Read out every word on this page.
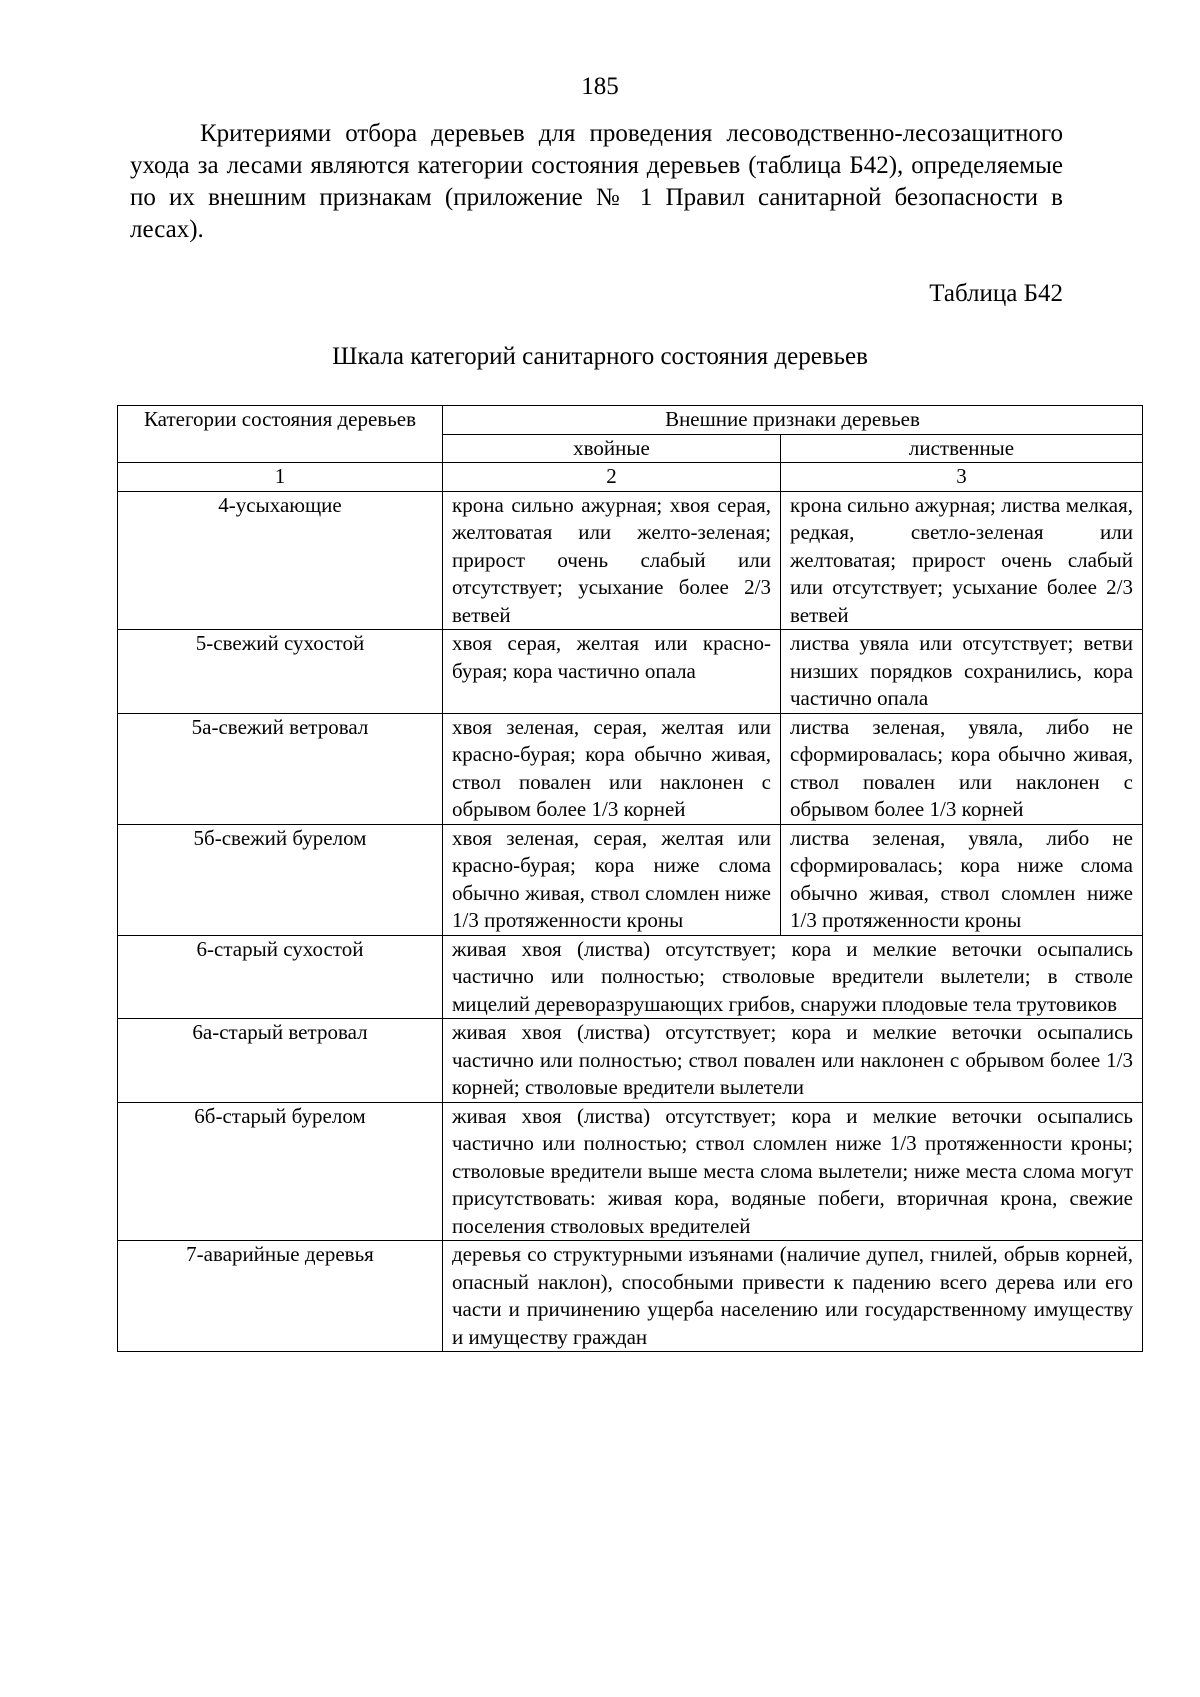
185

Критериями отбора деревьев для проведения лесоводственно-лесозащитного ухода за лесами являются категории состояния деревьев (таблица Б42), определяемые по их внешним признакам (приложение № 1 Правил санитарной безопасности в лесах).

Таблица Б42
Шкала категорий санитарного состояния деревьев
Категории состояния деревьев	Внешние признаки деревьев	
	хвойные	лиственные
1	2	3
4-усыхающие	крона сильно ажурная; хвоя серая, желтоватая или желто-зеленая; прирост очень слабый или отсутствует; усыхание более 2/3 ветвей	крона сильно ажурная; листва мелкая, редкая, светло-зеленая или желтоватая; прирост очень слабый или отсутствует; усыхание более 2/3 ветвей
5-свежий сухостой	хвоя серая, желтая или красно-бурая; кора частично опала	листва увяла или отсутствует; ветви низших порядков сохранились, кора частично опала
5а-свежий ветровал	хвоя зеленая, серая, желтая или красно-бурая; кора обычно живая, ствол повален или наклонен с обрывом более 1/3 корней	листва зеленая, увяла, либо не сформировалась; кора обычно живая, ствол повален или наклонен с обрывом более 1/3 корней
5б-свежий бурелом	хвоя зеленая, серая, желтая или красно-бурая; кора ниже слома обычно живая, ствол сломлен ниже 1/3 протяженности кроны	листва зеленая, увяла, либо не сформировалась; кора ниже слома обычно живая, ствол сломлен ниже 1/3 протяженности кроны
6-старый сухостой	живая хвоя (листва) отсутствует; кора и мелкие веточки осыпались частично или полностью; стволовые вредители вылетели; в стволе мицелий дереворазрушающих грибов, снаружи плодовые тела трутовиков	
6а-старый ветровал	живая хвоя (листва) отсутствует; кора и мелкие веточки осыпались частично или полностью; ствол повален или наклонен с обрывом более 1/3 корней; стволовые вредители вылетели	
6б-старый бурелом	живая хвоя (листва) отсутствует; кора и мелкие веточки осыпались частично или полностью; ствол сломлен ниже 1/3 протяженности кроны; стволовые вредители выше места слома вылетели; ниже места слома могут присутствовать: живая кора, водяные побеги, вторичная крона, свежие поселения стволовых вредителей	
7-аварийные деревья	деревья со структурными изъянами (наличие дупел, гнилей, обрыв корней, опасный наклон), способными привести к падению всего дерева или его части и причинению ущерба населению или государственному имуществу и имуществу граждан	
